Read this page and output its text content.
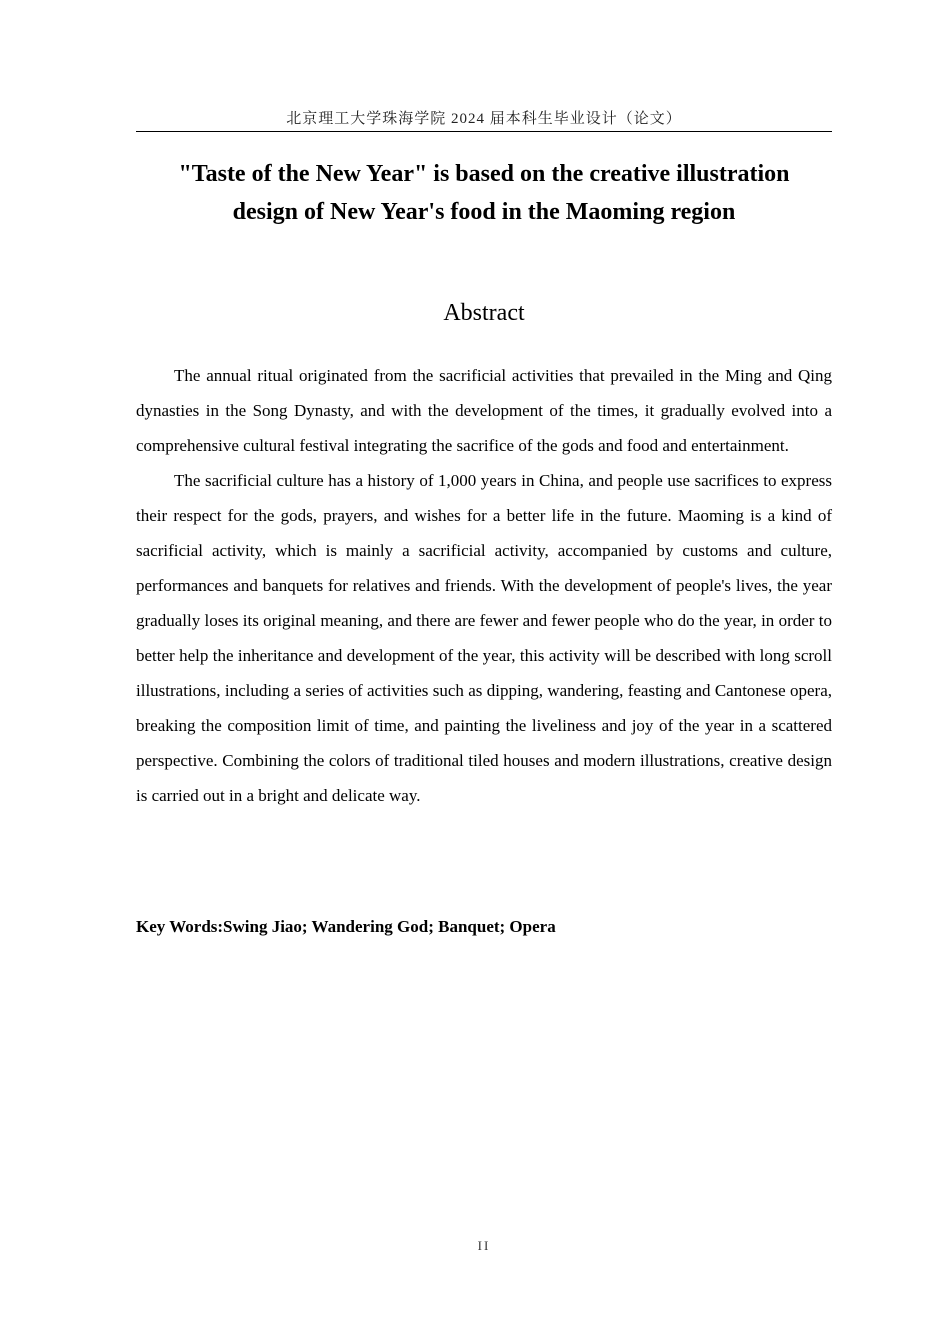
北京理工大学珠海学院 2024 届本科生毕业设计（论文）
"Taste of the New Year" is based on the creative illustration
design of New Year's food in the Maoming region
Abstract

The annual ritual originated from the sacrificial activities that prevailed in the Ming and Qing dynasties in the Song Dynasty, and with the development of the times, it gradually evolved into a comprehensive cultural festival integrating the sacrifice of the gods and food and entertainment.

The sacrificial culture has a history of 1,000 years in China, and people use sacrifices to express their respect for the gods, prayers, and wishes for a better life in the future. Maoming is a kind of sacrificial activity, which is mainly a sacrificial activity, accompanied by customs and culture, performances and banquets for relatives and friends. With the development of people's lives, the year gradually loses its original meaning, and there are fewer and fewer people who do the year, in order to better help the inheritance and development of the year, this activity will be described with long scroll illustrations, including a series of activities such as dipping, wandering, feasting and Cantonese opera, breaking the composition limit of time, and painting the liveliness and joy of the year in a scattered perspective. Combining the colors of traditional tiled houses and modern illustrations, creative design is carried out in a bright and delicate way.

Key Words:Swing Jiao; Wandering God; Banquet; Opera
II
